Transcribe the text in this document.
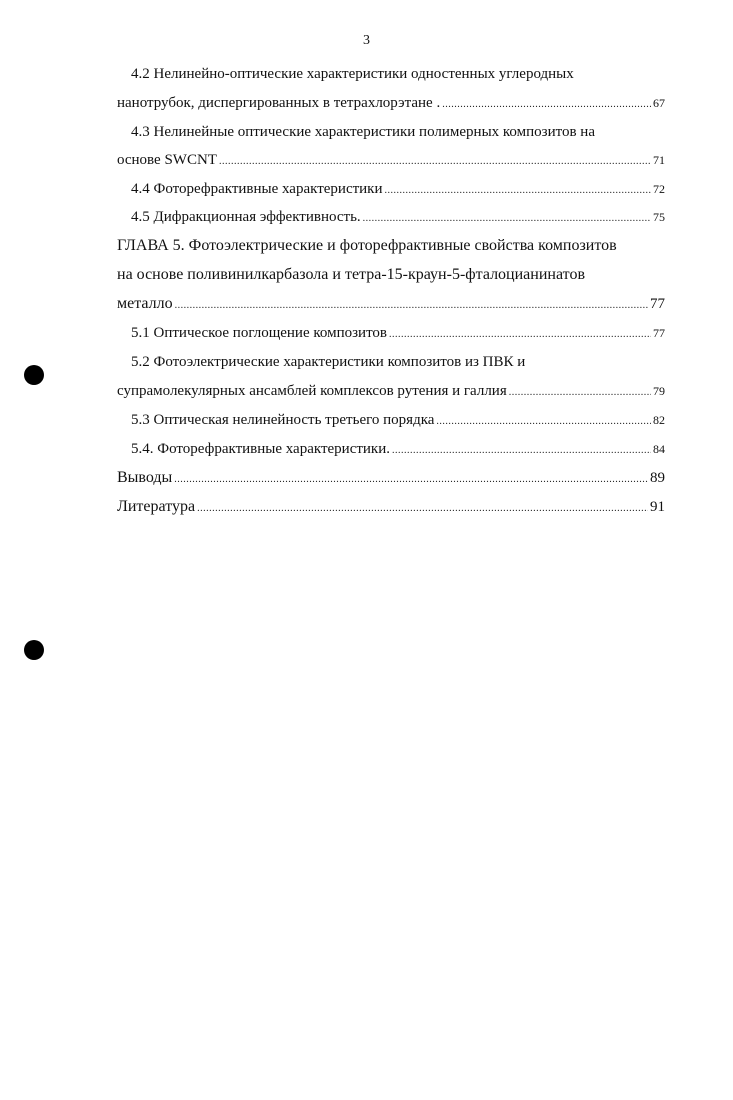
3
4.2 Нелинейно-оптические характеристики одностенных углеродных
нанотрубок, диспергированных в тетрахлорэтане . .....	67
4.3 Нелинейные оптические характеристики полимерных композитов на
основе SWCNT .....	71
4.4 Фоторефрактивные характеристики .....	72
4.5 Дифракционная эффективность. .....	75
ГЛАВА 5. Фотоэлектрические и фоторефрактивные свойства композитов
на основе поливинилкарбазола и тетра-15-краун-5-фталоцианинатов
металло .....	77
5.1 Оптическое поглощение композитов .....	77
5.2 Фотоэлектрические характеристики композитов из ПВК и
супрамолекулярных ансамблей комплексов рутения и галлия .....	79
5.3 Оптическая нелинейность третьего порядка .....	82
5.4. Фоторефрактивные характеристики. .....	84
Выводы .....	89
Литература .....	91
